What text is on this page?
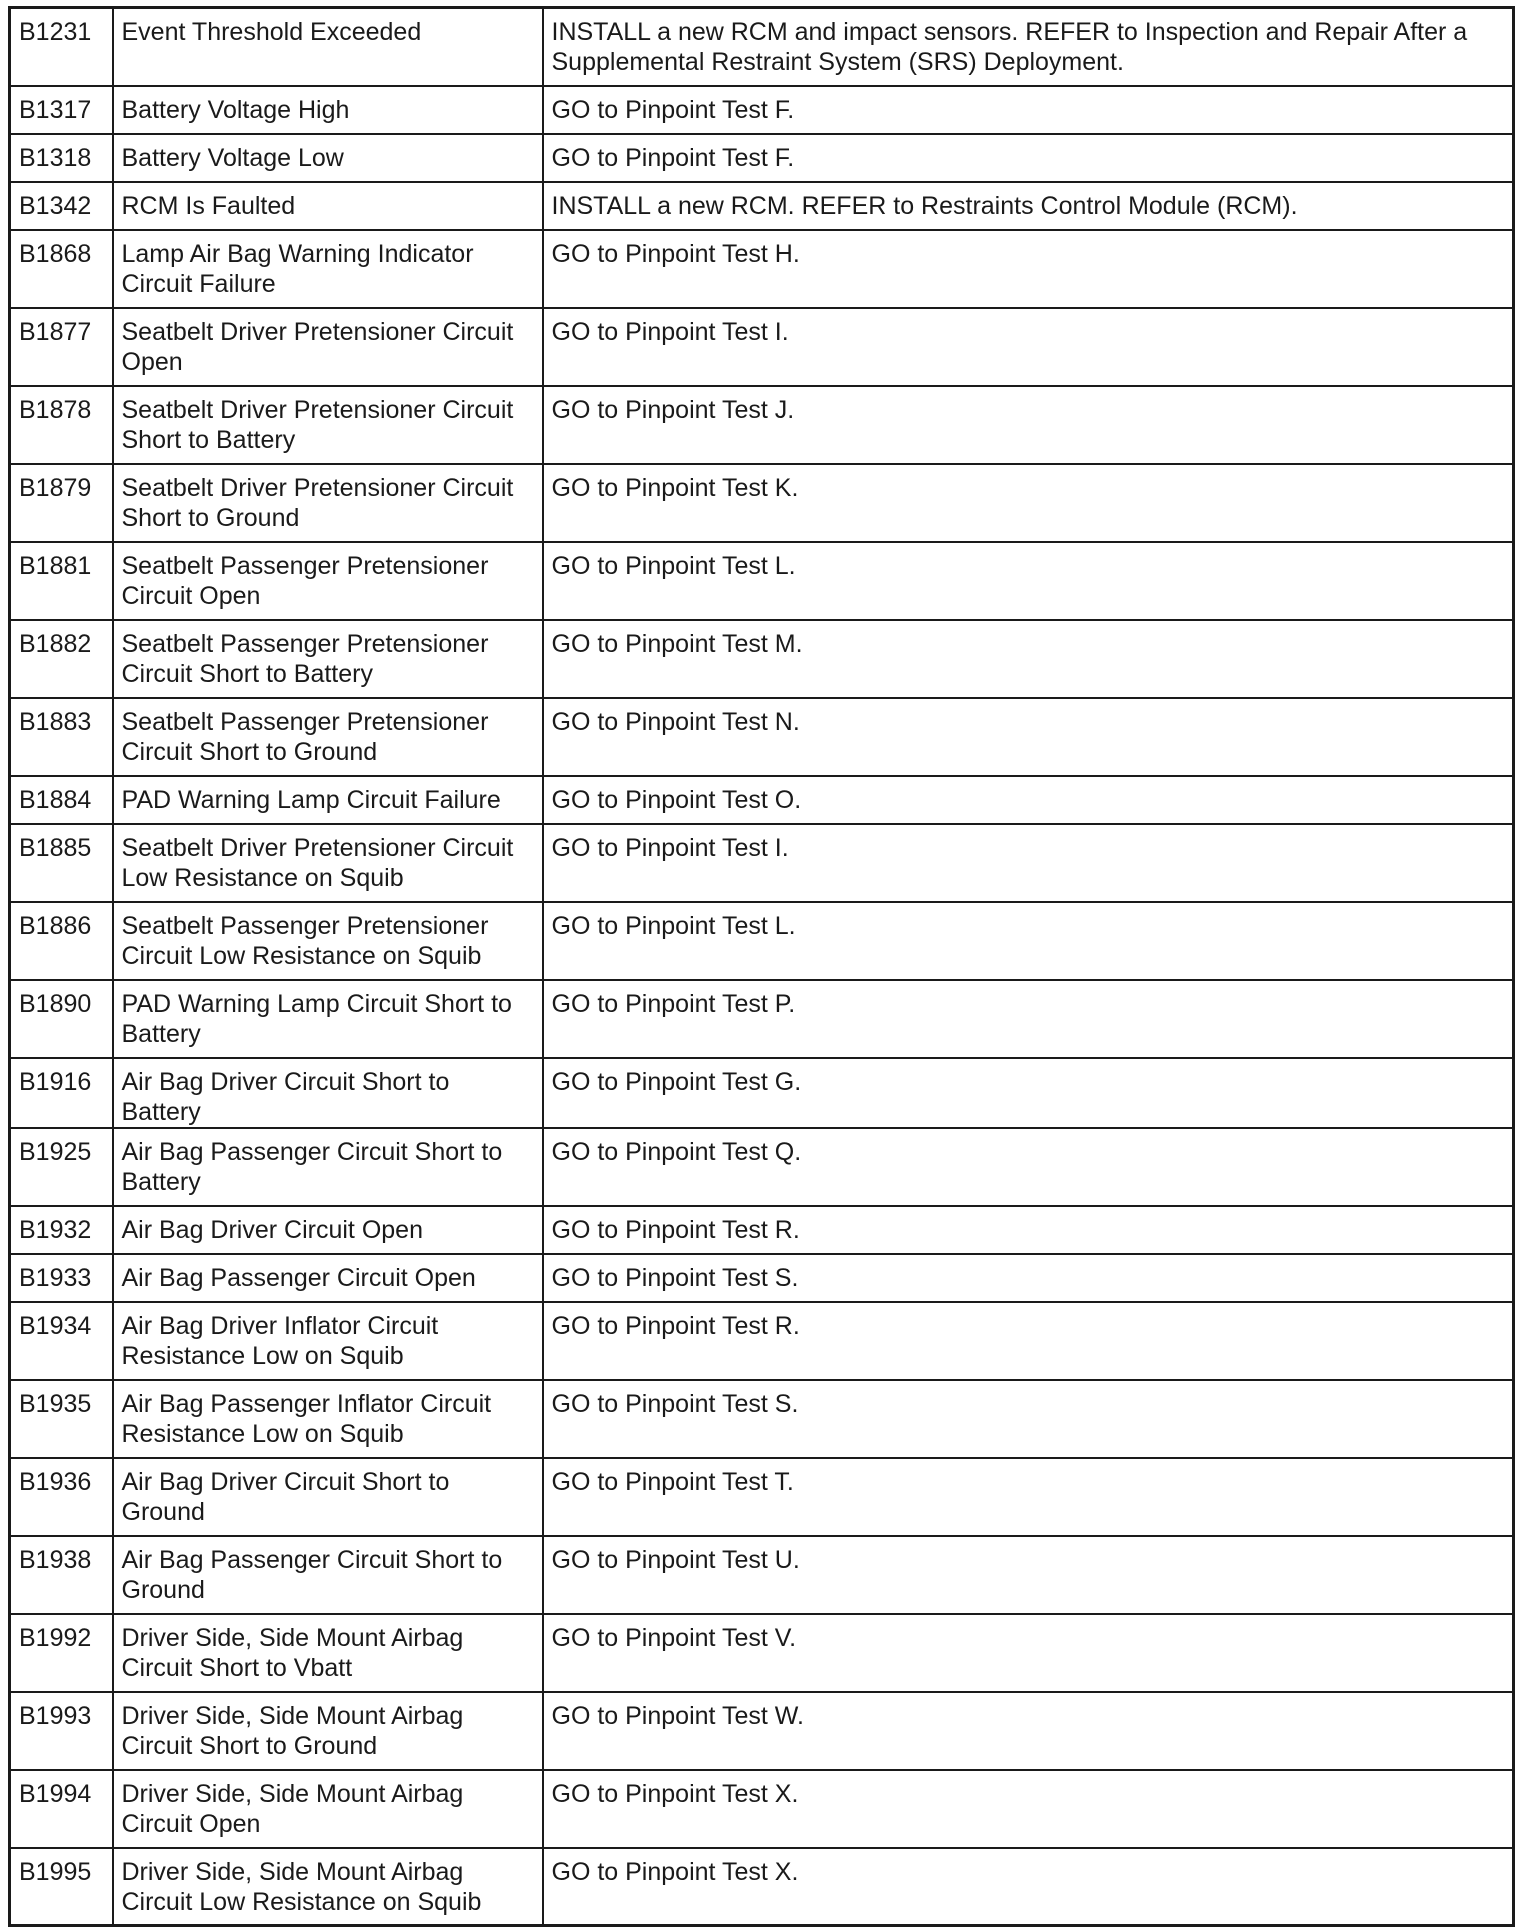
B1231	Event Threshold Exceeded	INSTALL a new RCM and impact sensors. REFER to Inspection and Repair After a Supplemental Restraint System (SRS) Deployment.
B1317	Battery Voltage High	GO to Pinpoint Test F.
B1318	Battery Voltage Low	GO to Pinpoint Test F.
B1342	RCM Is Faulted	INSTALL a new RCM. REFER to Restraints Control Module (RCM).
B1868	Lamp Air Bag Warning Indicator Circuit Failure	GO to Pinpoint Test H.
B1877	Seatbelt Driver Pretensioner Circuit Open	GO to Pinpoint Test I.
B1878	Seatbelt Driver Pretensioner Circuit Short to Battery	GO to Pinpoint Test J.
B1879	Seatbelt Driver Pretensioner Circuit Short to Ground	GO to Pinpoint Test K.
B1881	Seatbelt Passenger Pretensioner Circuit Open	GO to Pinpoint Test L.
B1882	Seatbelt Passenger Pretensioner Circuit Short to Battery	GO to Pinpoint Test M.
B1883	Seatbelt Passenger Pretensioner Circuit Short to Ground	GO to Pinpoint Test N.
B1884	PAD Warning Lamp Circuit Failure	GO to Pinpoint Test O.
B1885	Seatbelt Driver Pretensioner Circuit Low Resistance on Squib	GO to Pinpoint Test I.
B1886	Seatbelt Passenger Pretensioner Circuit Low Resistance on Squib	GO to Pinpoint Test L.
B1890	PAD Warning Lamp Circuit Short to Battery	GO to Pinpoint Test P.
B1916	Air Bag Driver Circuit Short to Battery	GO to Pinpoint Test G.
B1925	Air Bag Passenger Circuit Short to Battery	GO to Pinpoint Test Q.
B1932	Air Bag Driver Circuit Open	GO to Pinpoint Test R.
B1933	Air Bag Passenger Circuit Open	GO to Pinpoint Test S.
B1934	Air Bag Driver Inflator Circuit Resistance Low on Squib	GO to Pinpoint Test R.
B1935	Air Bag Passenger Inflator Circuit Resistance Low on Squib	GO to Pinpoint Test S.
B1936	Air Bag Driver Circuit Short to Ground	GO to Pinpoint Test T.
B1938	Air Bag Passenger Circuit Short to Ground	GO to Pinpoint Test U.
B1992	Driver Side, Side Mount Airbag Circuit Short to Vbatt	GO to Pinpoint Test V.
B1993	Driver Side, Side Mount Airbag Circuit Short to Ground	GO to Pinpoint Test W.
B1994	Driver Side, Side Mount Airbag Circuit Open	GO to Pinpoint Test X.
B1995	Driver Side, Side Mount Airbag Circuit Low Resistance on Squib	GO to Pinpoint Test X.
